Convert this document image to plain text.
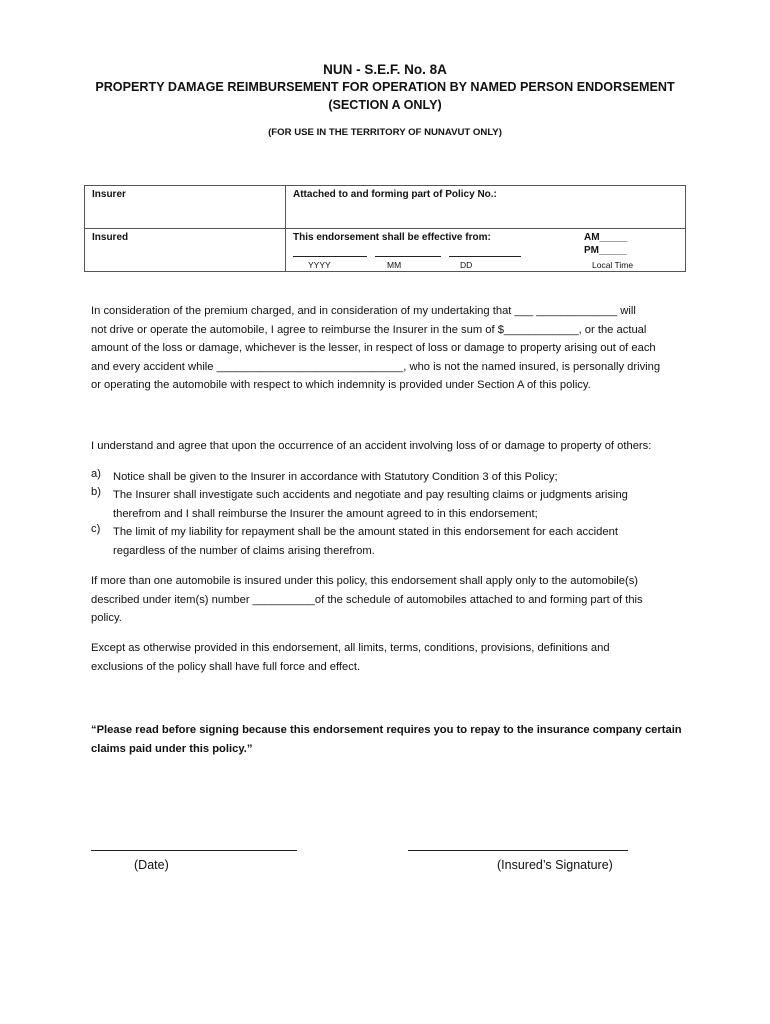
NUN - S.E.F. No. 8A
PROPERTY DAMAGE REIMBURSEMENT FOR OPERATION BY NAMED PERSON ENDORSEMENT
(SECTION A ONLY)
(FOR USE IN THE TERRITORY OF NUNAVUT ONLY)
Insurer	Attached to and forming part of Policy No.:
Insured	This endorsement shall be effective from:
YYYY	MM	DD
AM_____
PM_____
Local Time
In consideration of the premium charged, and in consideration of my undertaking that ___ _____________ will
not drive or operate the automobile, I agree to reimburse the Insurer in the sum of $____________, or the actual
amount of the loss or damage, whichever is the lesser, in respect of loss or damage to property arising out of each
and every accident while ______________________________, who is not the named insured, is personally driving
or operating the automobile with respect to which indemnity is provided under Section A of this policy.
I understand and agree that upon the occurrence of an accident involving loss of or damage to property of others:
a) Notice shall be given to the Insurer in accordance with Statutory Condition 3 of this Policy;
b) The Insurer shall investigate such accidents and negotiate and pay resulting claims or judgments arising
therefrom and I shall reimburse the Insurer the amount agreed to in this endorsement;
c) The limit of my liability for repayment shall be the amount stated in this endorsement for each accident
regardless of the number of claims arising therefrom.
If more than one automobile is insured under this policy, this endorsement shall apply only to the automobile(s)
described under item(s) number __________of the schedule of automobiles attached to and forming part of this
policy.
Except as otherwise provided in this endorsement, all limits, terms, conditions, provisions, definitions and
exclusions of the policy shall have full force and effect.
“Please read before signing because this endorsement requires you to repay to the insurance company certain
claims paid under this policy.”
(Date)	(Insured’s Signature)
